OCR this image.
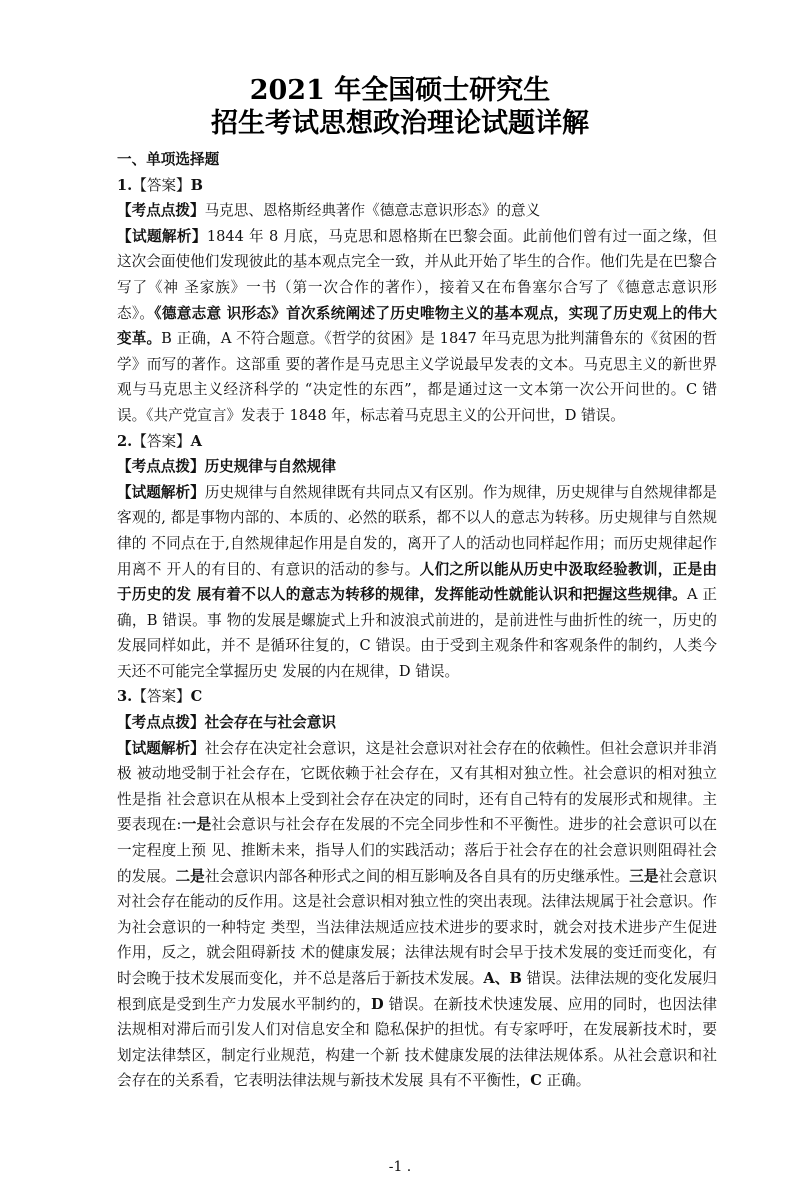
2021 年全国硕士研究生
招生考试思想政治理论试题详解

一、单项选择题

1.【答案】B

【考点点拨】马克思、恩格斯经典著作《德意志意识形态》的意义

【试题解析】1844 年 8 月底，马克思和恩格斯在巴黎会面。此前他们曾有过一面之缘，但这次会面使他们发现彼此的基本观点完全一致，并从此开始了毕生的合作。他们先是在巴黎合写了《神 圣家族》一书（第一次合作的著作），接着又在布鲁塞尔合写了《德意志意识形态》。《德意志意 识形态》首次系统阐述了历史唯物主义的基本观点，实现了历史观上的伟大变革。B 正确，A 不符合题意。《哲学的贫困》是 1847 年马克思为批判蒲鲁东的《贫困的哲学》而写的著作。这部重 要的著作是马克思主义学说最早发表的文本。马克思主义的新世界观与马克思主义经济科学的 “决定性的东西”，都是通过这一文本第一次公开问世的。C 错误。《共产党宣言》发表于 1848 年，标志着马克思主义的公开问世，D 错误。

2.【答案】A

【考点点拨】历史规律与自然规律

【试题解析】历史规律与自然规律既有共同点又有区别。作为规律，历史规律与自然规律都是客观的, 都是事物内部的、本质的、必然的联系，都不以人的意志为转移。历史规律与自然规律的 不同点在于,自然规律起作用是自发的，离开了人的活动也同样起作用；而历史规律起作用离不 开人的有目的、有意识的活动的参与。人们之所以能从历史中汲取经验教训，正是由于历史的发 展有着不以人的意志为转移的规律，发挥能动性就能认识和把握这些规律。A 正确，B 错误。事 物的发展是螺旋式上升和波浪式前进的，是前进性与曲折性的统一，历史的发展同样如此，并不 是循环往复的，C 错误。由于受到主观条件和客观条件的制约，人类今天还不可能完全掌握历史 发展的内在规律，D 错误。

3.【答案】C

【考点点拨】社会存在与社会意识

【试题解析】社会存在决定社会意识，这是社会意识对社会存在的依赖性。但社会意识并非消极 被动地受制于社会存在，它既依赖于社会存在，又有其相对独立性。社会意识的相对独立性是指 社会意识在从根本上受到社会存在决定的同时，还有自己特有的发展形式和规律。主要表现在:一是社会意识与社会存在发展的不完全同步性和不平衡性。进步的社会意识可以在一定程度上预 见、推断未来，指导人们的实践活动；落后于社会存在的社会意识则阻碍社会的发展。二是社会意识内部各种形式之间的相互影响及各自具有的历史继承性。三是社会意识对社会存在能动的反作用。这是社会意识相对独立性的突出表现。法律法规属于社会意识。作为社会意识的一种特定 类型，当法律法规适应技术进步的要求时，就会对技术进步产生促进作用，反之，就会阻碍新技 术的健康发展；法律法规有时会早于技术发展的变迁而变化，有时会晚于技术发展而变化，并不总是落后于新技术发展。A、B 错误。法律法规的变化发展归根到底是受到生产力发展水平制约的，D 错误。在新技术快速发展、应用的同时，也因法律法规相对滞后而引发人们对信息安全和 隐私保护的担忧。有专家呼吁，在发展新技术时，要划定法律禁区，制定行业规范，构建一个新 技术健康发展的法律法规体系。从社会意识和社会存在的关系看，它表明法律法规与新技术发展 具有不平衡性，C 正确。

-1 .
